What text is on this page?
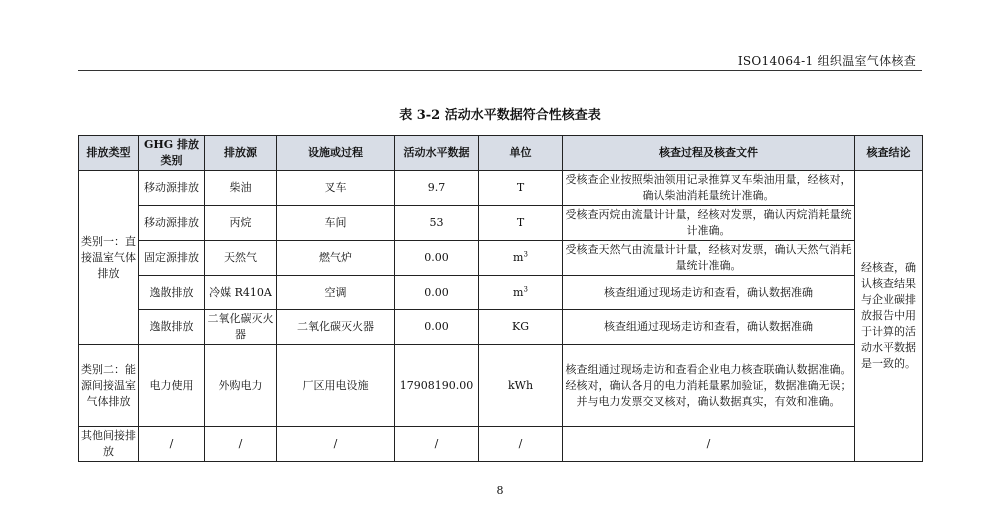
ISO14064-1 组织温室气体核查
表 3-2 活动水平数据符合性核查表
排放类型	GHG 排放类别	排放源	设施或过程	活动水平数据	单位	核查过程及核查文件	核查结论
类别一：直接温室气体排放	移动源排放	柴油	叉车	9.7	T	受核查企业按照柴油领用记录推算叉车柴油用量，经核对，确认柴油消耗量统计准确。	经核查，确认核查结果与企业碳排放报告中用于计算的活动水平数据是一致的。
	移动源排放	丙烷	车间	53	T	受核查丙烷由流量计计量，经核对发票，确认丙烷消耗量统计准确。	
	固定源排放	天然气	燃气炉	0.00	$m^3$	受核查天然气由流量计计量，经核对发票，确认天然气消耗量统计准确。	
	逸散排放	冷媒 R410A	空调	0.00	$m^3$	核查组通过现场走访和查看，确认数据准确	
	逸散排放	二氧化碳灭火器	二氧化碳灭火器	0.00	KG	核查组通过现场走访和查看，确认数据准确	
类别二：能源间接温室气体排放	电力使用	外购电力	厂区用电设施	17908190.00	kWh	核查组通过现场走访和查看企业电力核查联确认数据准确。经核对，确认各月的电力消耗量累加验证，数据准确无误；并与电力发票交叉核对，确认数据真实，有效和准确。	
其他间接排放	/	/	/	/	/	/	
8
